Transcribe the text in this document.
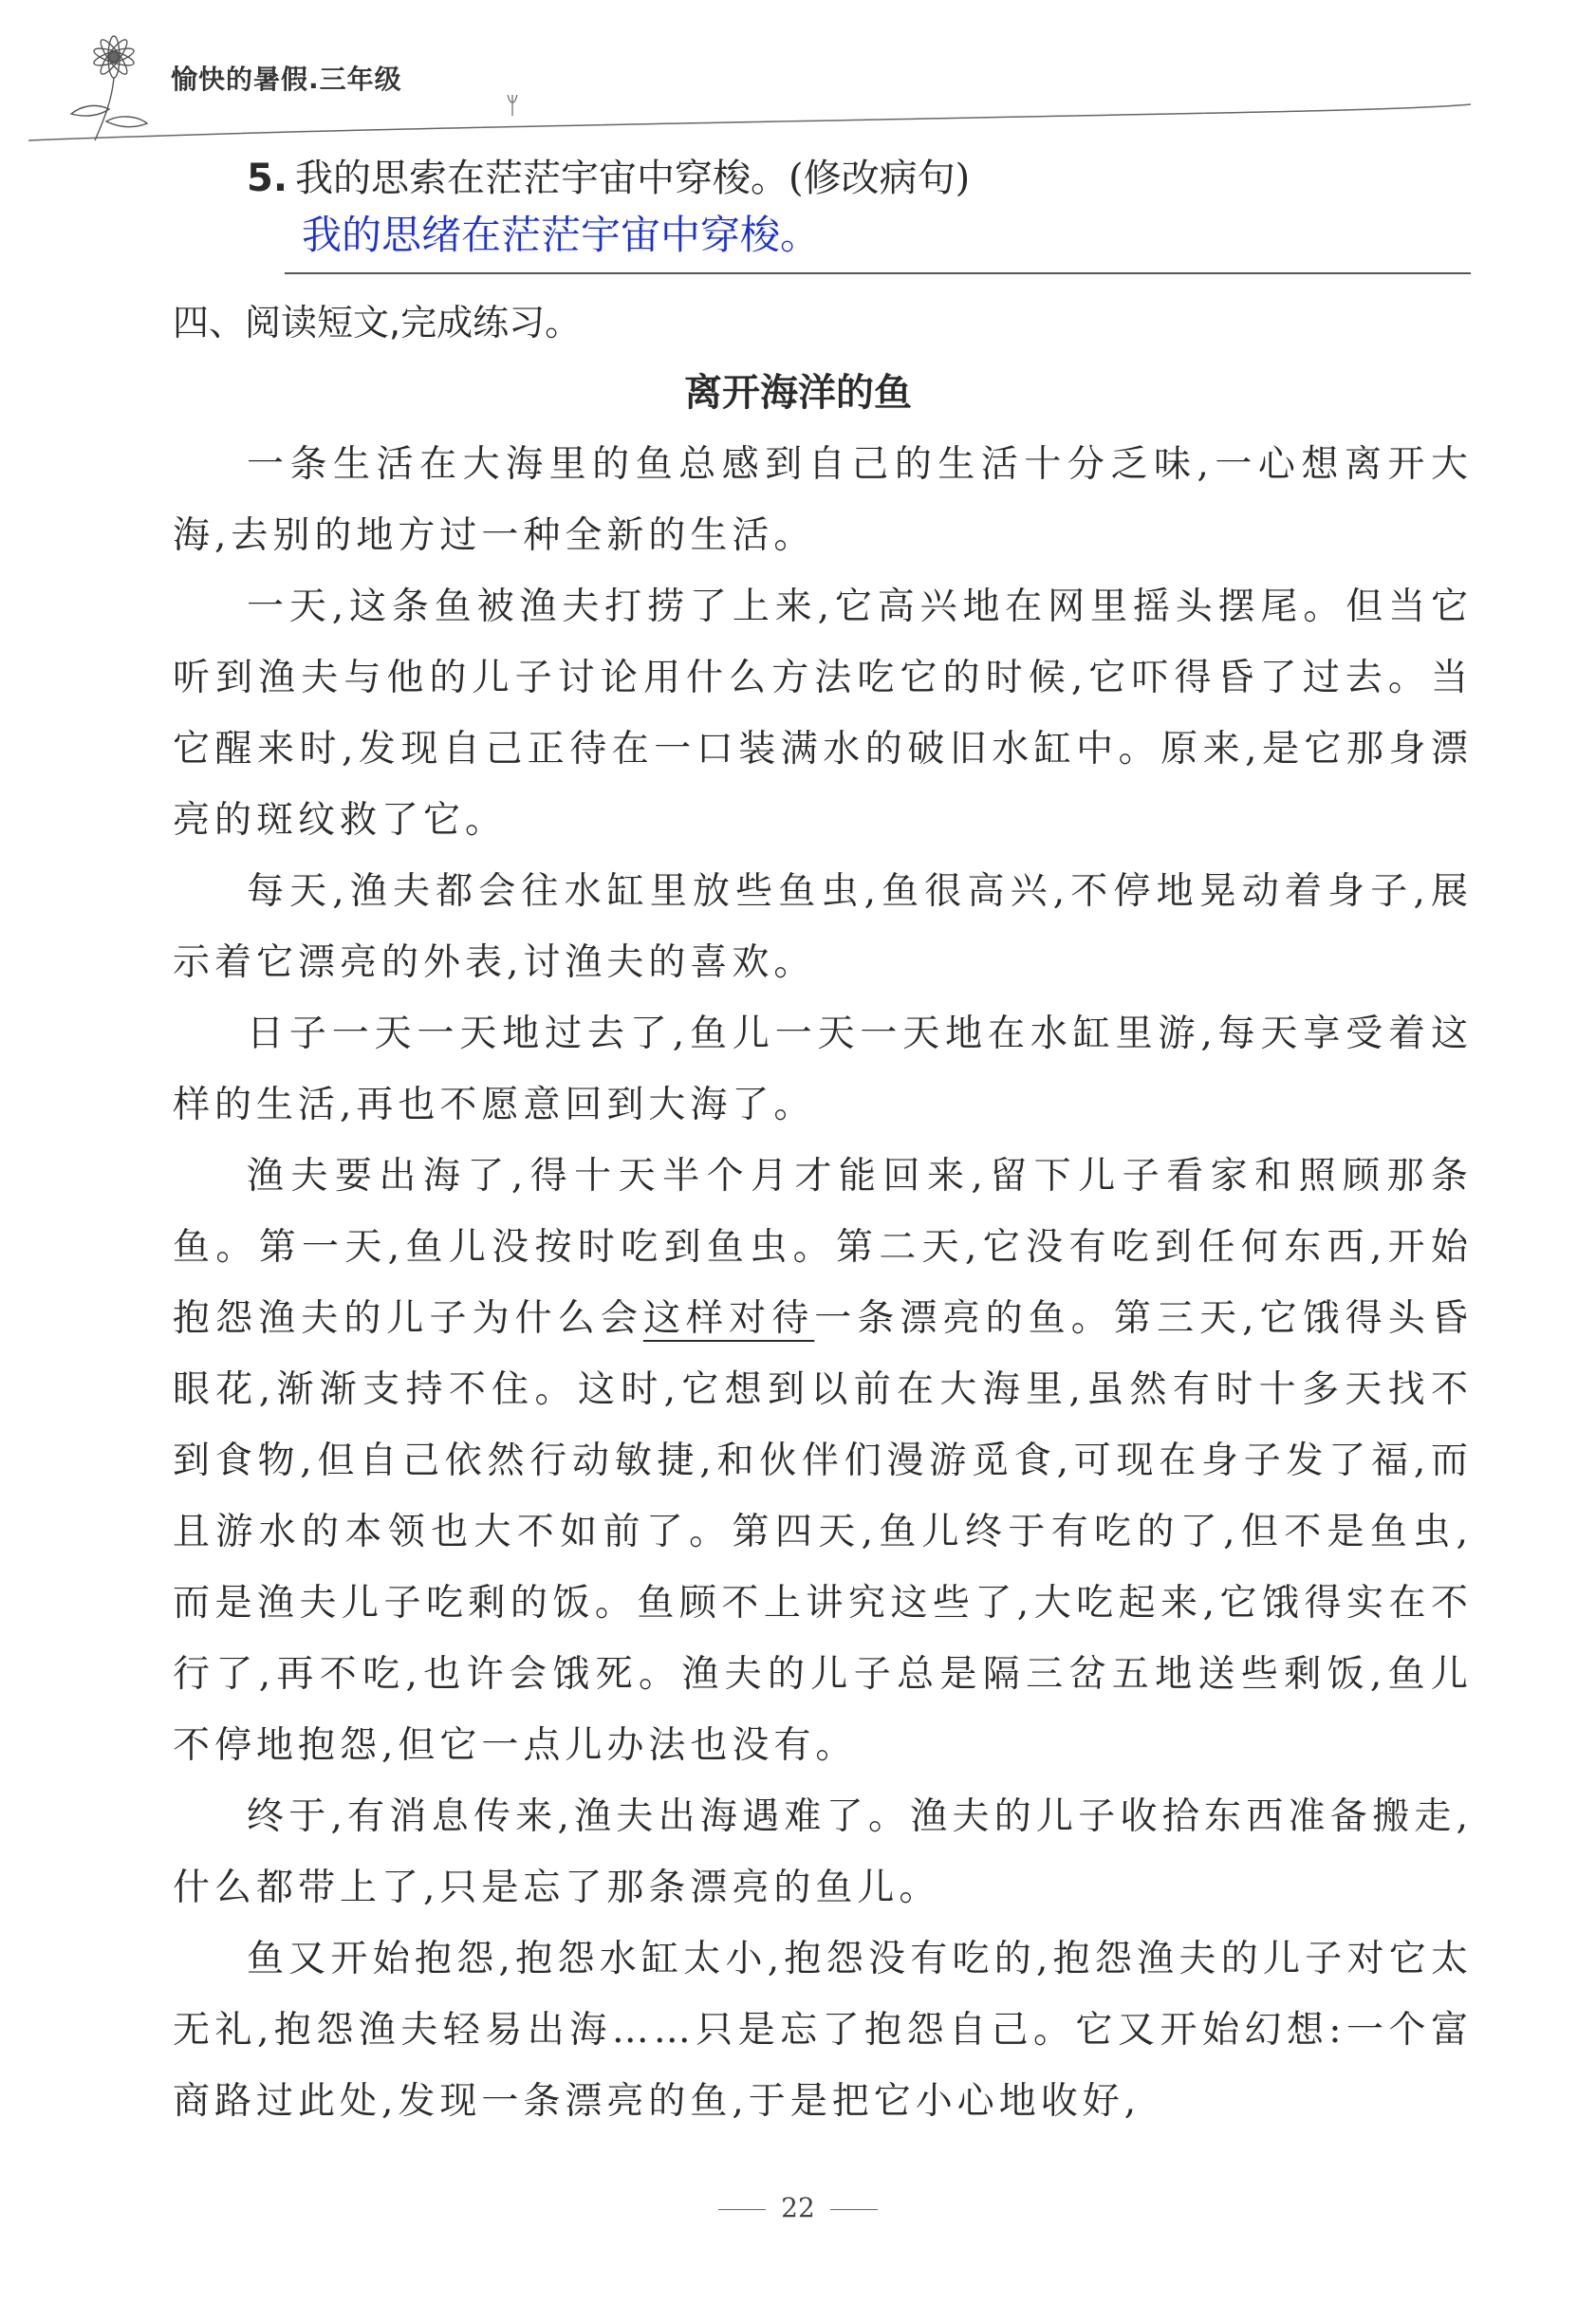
愉快的暑假.三年级
5. 我的思索在茫茫宇宙中穿梭。(修改病句)
我的思绪在茫茫宇宙中穿梭。
四、阅读短文,完成练习。
离开海洋的鱼

一条生活在大海里的鱼总感到自己的生活十分乏味,一心想离开大海,去别的地方过一种全新的生活。

一天,这条鱼被渔夫打捞了上来,它高兴地在网里摇头摆尾。但当它听到渔夫与他的儿子讨论用什么方法吃它的时候,它吓得昏了过去。当它醒来时,发现自己正待在一口装满水的破旧水缸中。原来,是它那身漂亮的斑纹救了它。

每天,渔夫都会往水缸里放些鱼虫,鱼很高兴,不停地晃动着身子,展示着它漂亮的外表,讨渔夫的喜欢。

日子一天一天地过去了,鱼儿一天一天地在水缸里游,每天享受着这样的生活,再也不愿意回到大海了。

渔夫要出海了,得十天半个月才能回来,留下儿子看家和照顾那条鱼。第一天,鱼儿没按时吃到鱼虫。第二天,它没有吃到任何东西,开始抱怨渔夫的儿子为什么会这样对待一条漂亮的鱼。第三天,它饿得头昏眼花,渐渐支持不住。这时,它想到以前在大海里,虽然有时十多天找不到食物,但自己依然行动敏捷,和伙伴们漫游觅食,可现在身子发了福,而且游水的本领也大不如前了。第四天,鱼儿终于有吃的了,但不是鱼虫,而是渔夫儿子吃剩的饭。鱼顾不上讲究这些了,大吃起来,它饿得实在不行了,再不吃,也许会饿死。渔夫的儿子总是隔三岔五地送些剩饭,鱼儿不停地抱怨,但它一点儿办法也没有。

终于,有消息传来,渔夫出海遇难了。渔夫的儿子收拾东西准备搬走,什么都带上了,只是忘了那条漂亮的鱼儿。

鱼又开始抱怨,抱怨水缸太小,抱怨没有吃的,抱怨渔夫的儿子对它太无礼,抱怨渔夫轻易出海……只是忘了抱怨自己。它又开始幻想:一个富商路过此处,发现一条漂亮的鱼,于是把它小心地收好,

22
